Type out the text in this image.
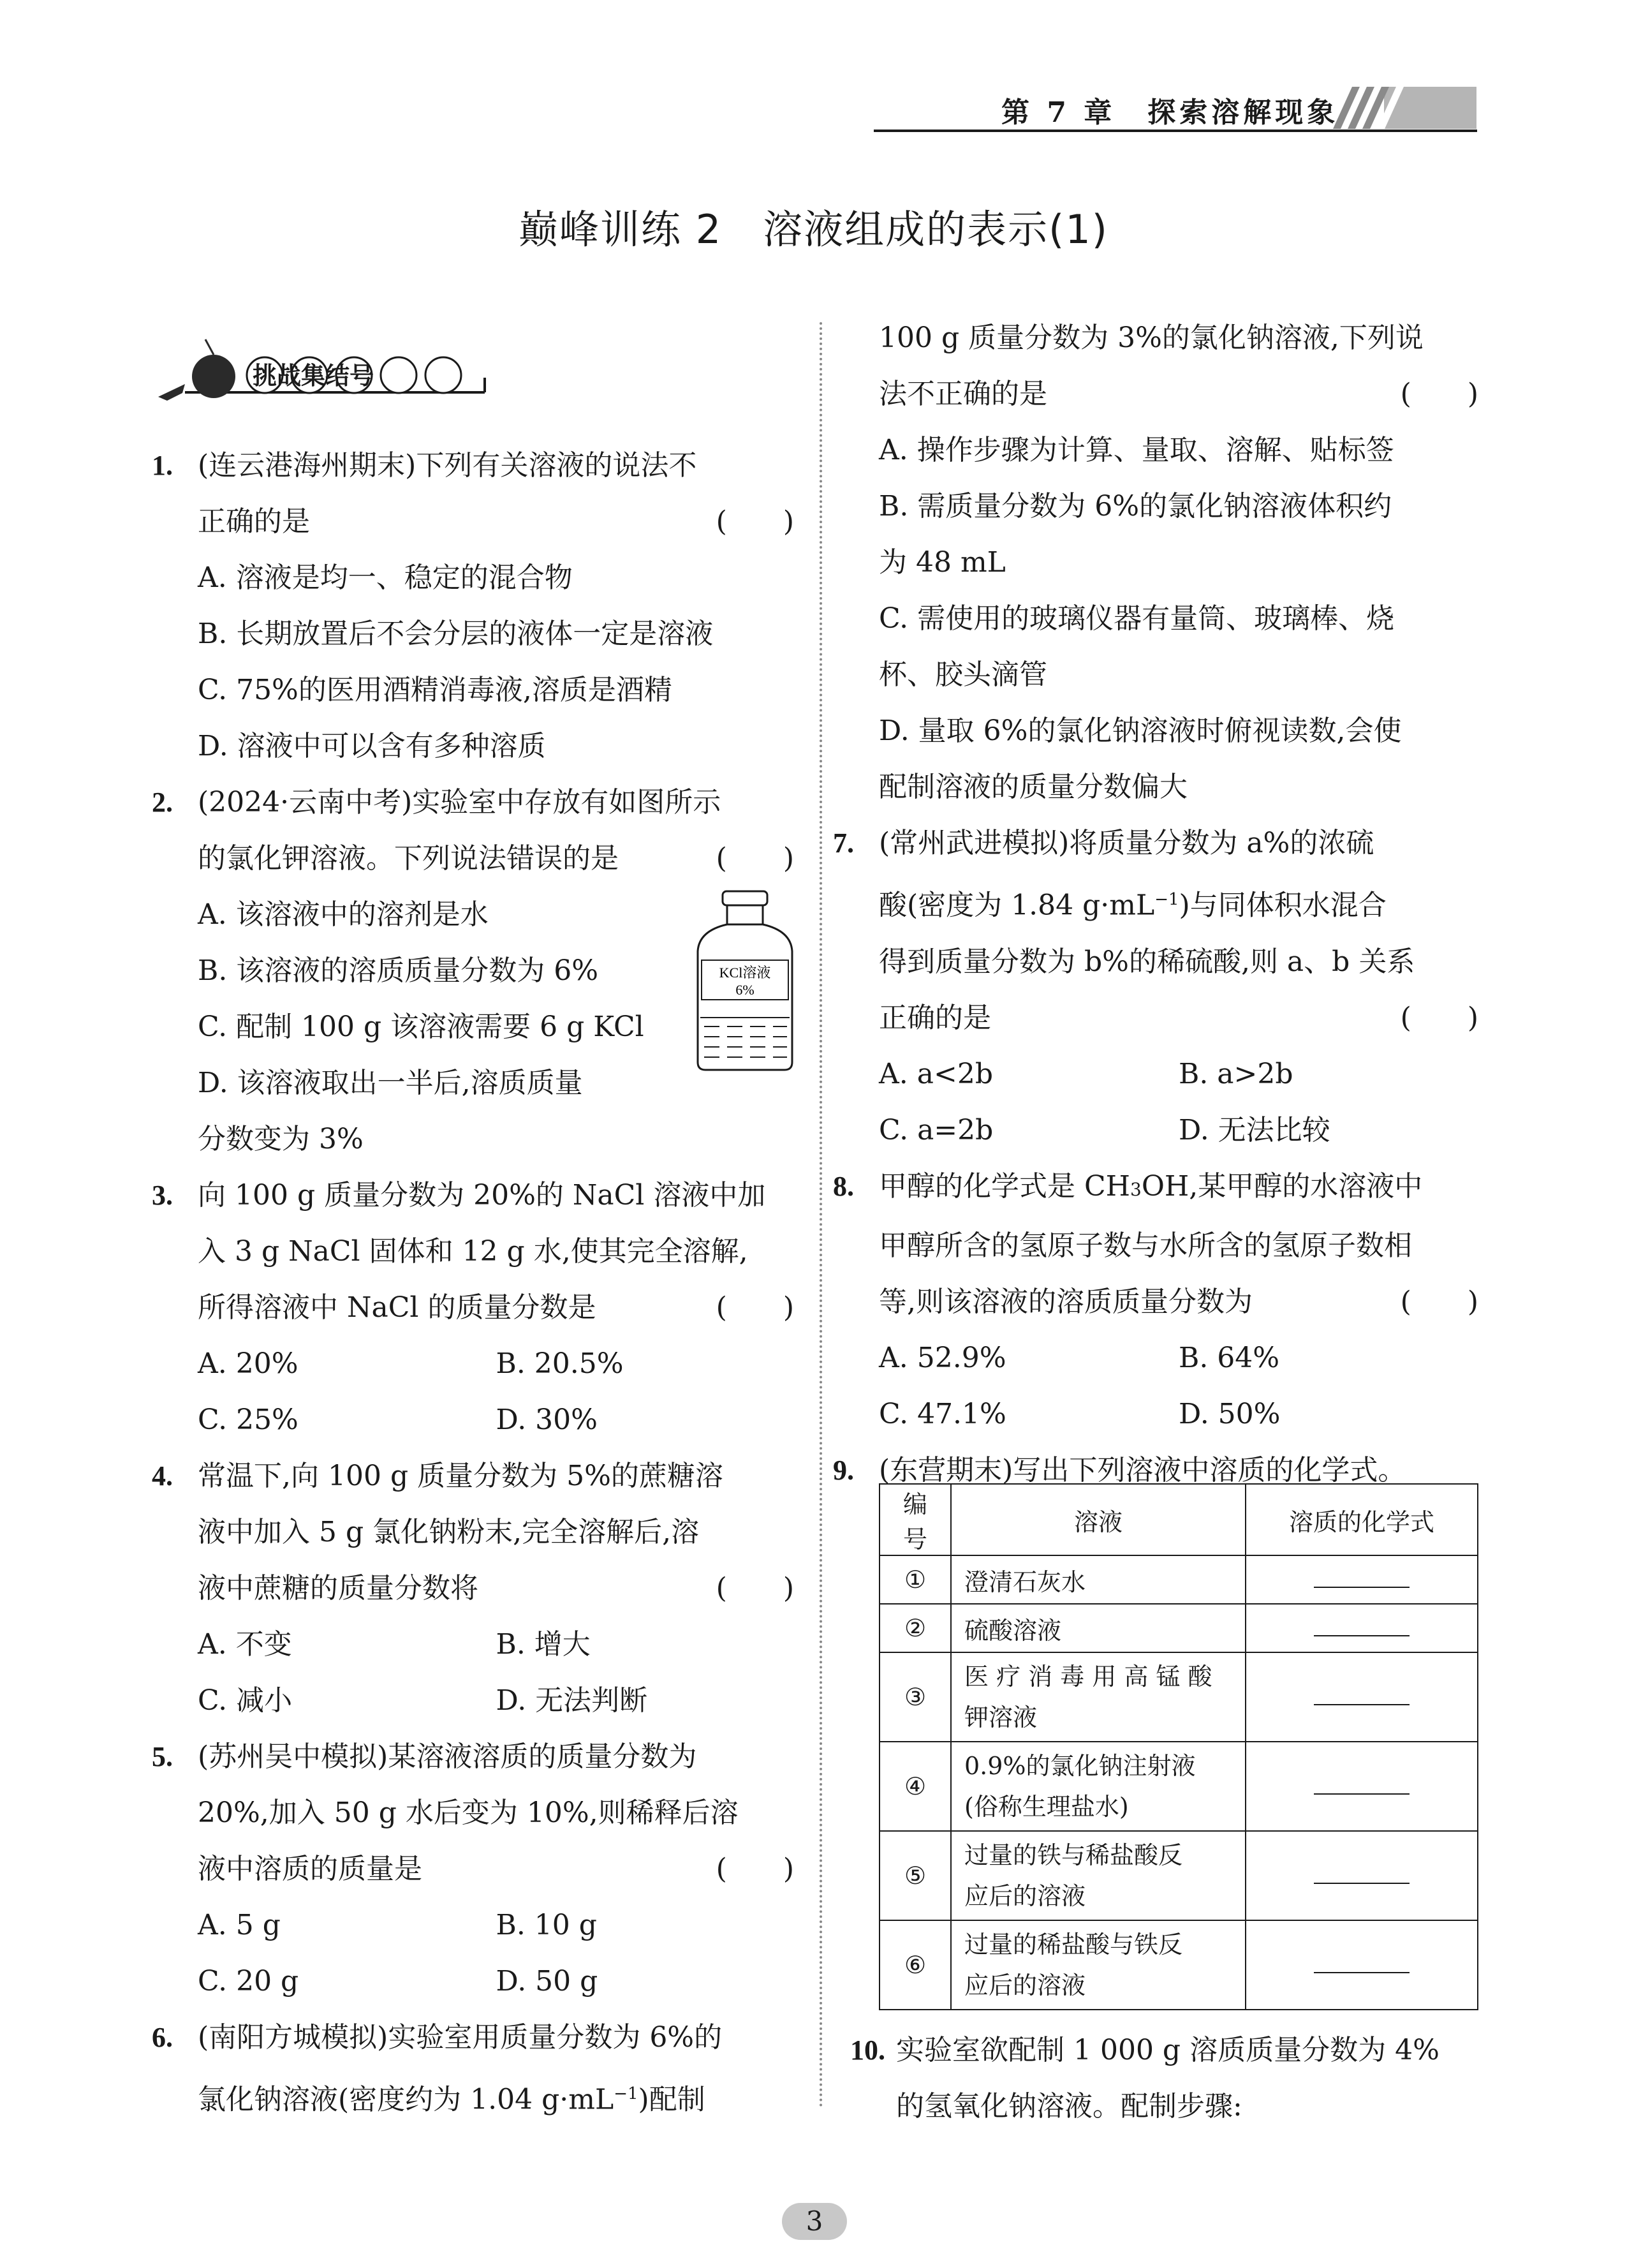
第 7 章　探索溶解现象
巅峰训练 2　溶液组成的表示(1)
挑战集结号
1. (连云港海州期末)下列有关溶液的说法不

正确的是	(　　)

A. 溶液是均一、稳定的混合物

B. 长期放置后不会分层的液体一定是溶液

C. 75%的医用酒精消毒液,溶质是酒精

D. 溶液中可以含有多种溶质

2. (2024·云南中考)实验室中存放有如图所示

的氯化钾溶液。下列说法错误的是	(　　)

A. 该溶液中的溶剂是水

B. 该溶液的溶质质量分数为 6%

C. 配制 100 g 该溶液需要 6 g KCl

D. 该溶液取出一半后,溶质质量

分数变为 3%

3. 向 100 g 质量分数为 20%的 NaCl 溶液中加

入 3 g NaCl 固体和 12 g 水,使其完全溶解,

所得溶液中 NaCl 的质量分数是	(　　)

A. 20%	B. 20.5%

C. 25%	D. 30%

4. 常温下,向 100 g 质量分数为 5%的蔗糖溶

液中加入 5 g 氯化钠粉末,完全溶解后,溶

液中蔗糖的质量分数将	(　　)

A. 不变	B. 增大

C. 减小	D. 无法判断

5. (苏州吴中模拟)某溶液溶质的质量分数为

20%,加入 50 g 水后变为 10%,则稀释后溶

液中溶质的质量是	(　　)

A. 5 g	B. 10 g

C. 20 g	D. 50 g

6. (南阳方城模拟)实验室用质量分数为 6%的

氯化钠溶液(密度约为 1.04 $g\cdot mL^{-1}$)配制

KCl溶液
6%

100 g 质量分数为 3%的氯化钠溶液,下列说

法不正确的是	(　　)

A. 操作步骤为计算、量取、溶解、贴标签

B. 需质量分数为 6%的氯化钠溶液体积约

为 48 mL

C. 需使用的玻璃仪器有量筒、玻璃棒、烧

杯、胶头滴管

D. 量取 6%的氯化钠溶液时俯视读数,会使

配制溶液的质量分数偏大

7. (常州武进模拟)将质量分数为 a%的浓硫

酸(密度为 1.84 $g\cdot mL^{-1}$)与同体积水混合

得到质量分数为 b%的稀硫酸,则 a、b 关系

正确的是	(　　)

A. a<2b	B. a>2b

C. a=2b	D. 无法比较

8. 甲醇的化学式是 CH3OH,某甲醇的水溶液中

甲醇所含的氢原子数与水所含的氢原子数相

等,则该溶液的溶质质量分数为	(　　)

A. 52.9%	B. 64%

C. 47.1%	D. 50%

9. (东营期末)写出下列溶液中溶质的化学式。

编号	溶液	溶质的化学式
①	澄清石灰水	
②	硫酸溶液	
③	医 疗 消 毒 用 高 锰 酸
钾溶液	

④	0.9%的氯化钠注射液
(俗称生理盐水)	

⑤	过量的铁与稀盐酸反
应后的溶液	

⑥	过量的稀盐酸与铁反
应后的溶液	

10. 实验室欲配制 1 000 g 溶质质量分数为 4%

的氢氧化钠溶液。配制步骤:

3
